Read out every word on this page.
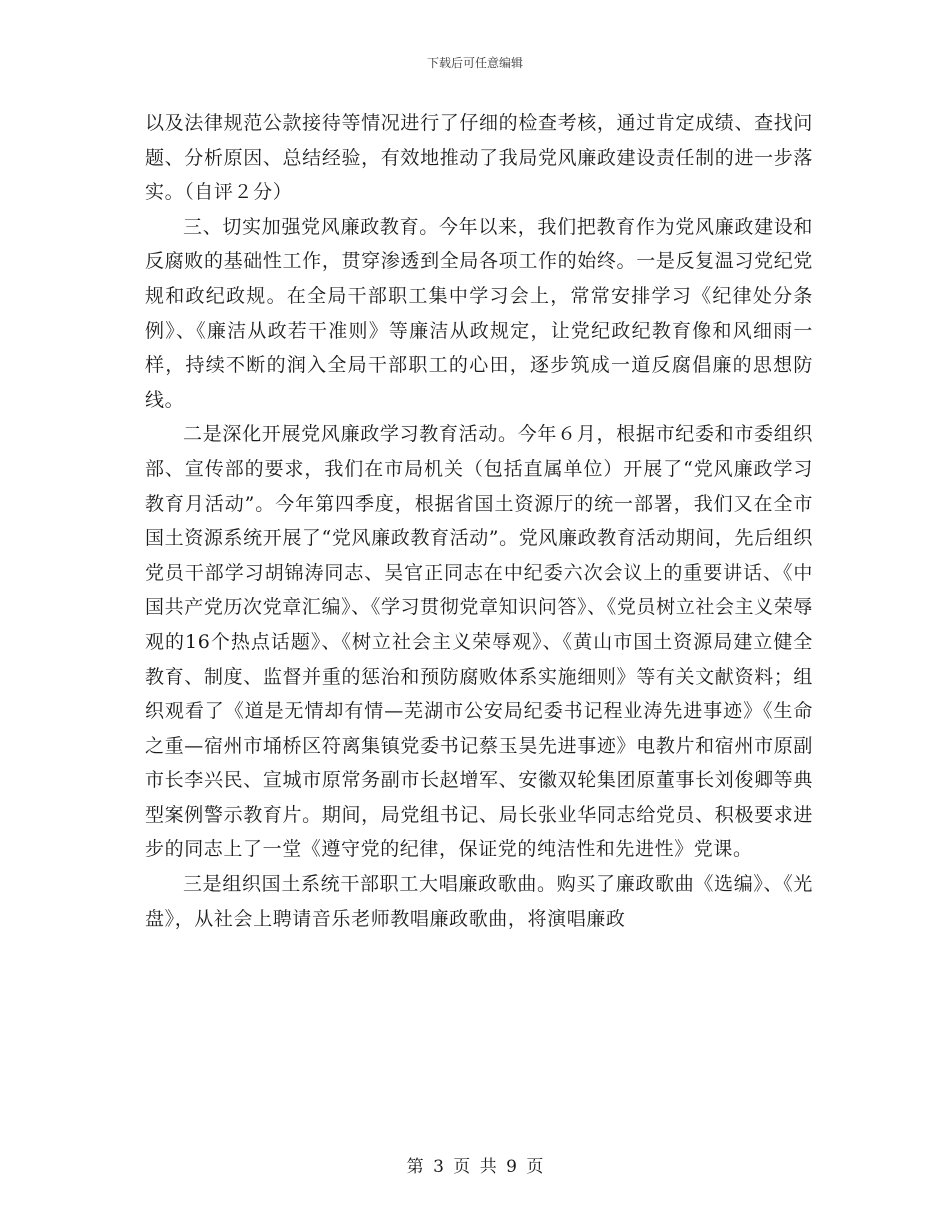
下载后可任意编辑

以及法律规范公款接待等情况进行了仔细的检查考核，通过肯定成绩、查找问题、分析原因、总结经验，有效地推动了我局党风廉政建设责任制的进一步落实。（自评２分）

三、切实加强党风廉政教育。今年以来，我们把教育作为党风廉政建设和反腐败的基础性工作，贯穿渗透到全局各项工作的始终。一是反复温习党纪党规和政纪政规。在全局干部职工集中学习会上，常常安排学习《纪律处分条例》、《廉洁从政若干准则》等廉洁从政规定，让党纪政纪教育像和风细雨一样，持续不断的润入全局干部职工的心田，逐步筑成一道反腐倡廉的思想防线。

二是深化开展党风廉政学习教育活动。今年６月，根据市纪委和市委组织部、宣传部的要求，我们在市局机关（包括直属单位）开展了“党风廉政学习教育月活动”。今年第四季度，根据省国土资源厅的统一部署，我们又在全市国土资源系统开展了“党风廉政教育活动”。党风廉政教育活动期间，先后组织党员干部学习胡锦涛同志、吴官正同志在中纪委六次会议上的重要讲话、《中国共产党历次党章汇编》、《学习贯彻党章知识问答》、《党员树立社会主义荣辱观的16个热点话题》、《树立社会主义荣辱观》、《黄山市国土资源局建立健全教育、制度、监督并重的惩治和预防腐败体系实施细则》等有关文献资料；组织观看了《道是无情却有情—芜湖市公安局纪委书记程业涛先进事迹》《生命之重—宿州市埇桥区符离集镇党委书记蔡玉昊先进事迹》电教片和宿州市原副市长李兴民、宣城市原常务副市长赵增军、安徽双轮集团原董事长刘俊卿等典型案例警示教育片。期间，局党组书记、局长张业华同志给党员、积极要求进步的同志上了一堂《遵守党的纪律，保证党的纯洁性和先进性》党课。

三是组织国土系统干部职工大唱廉政歌曲。购买了廉政歌曲《选编》、《光盘》，从社会上聘请音乐老师教唱廉政歌曲，将演唱廉政

第 3 页 共 9 页
